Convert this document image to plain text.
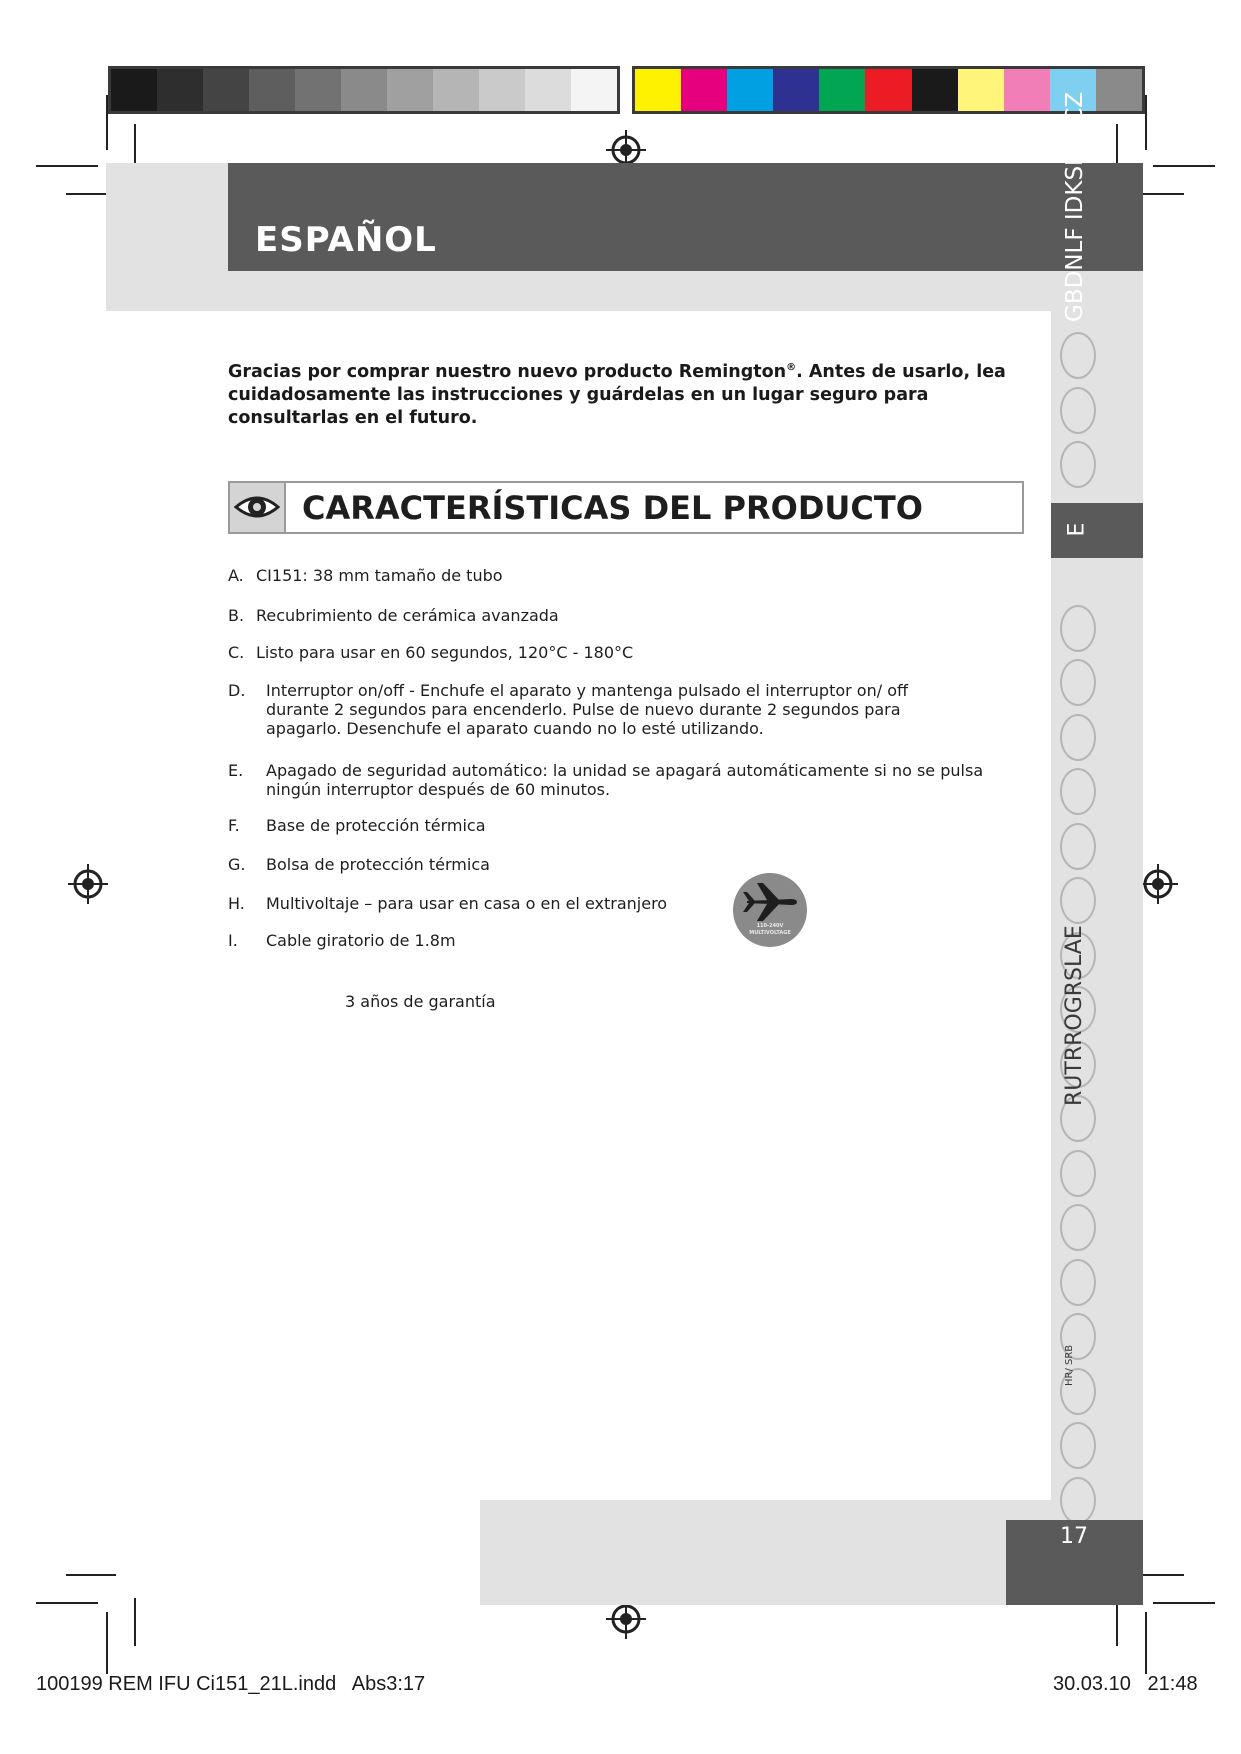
ESPAÑOL
E
GBDNLF IDKSPSKCZ
RUTRROGRSLAE
HR/ SRB
Gracias por comprar nuestro nuevo producto Remington®. Antes de usarlo, lea cuidadosamente las instrucciones y guárdelas en un lugar seguro para consultarlas en el futuro.
CARACTERÍSTICAS DEL PRODUCTO
A. CI151: 38 mm tamaño de tubo
B. Recubrimiento de cerámica avanzada
C. Listo para usar en 60 segundos, 120°C - 180°C
D. Interruptor on/off - Enchufe el aparato y mantenga pulsado el interruptor on/ off durante 2 segundos para encenderlo. Pulse de nuevo durante 2 segundos para apagarlo. Desenchufe el aparato cuando no lo esté utilizando.
E. Apagado de seguridad automático: la unidad se apagará automáticamente si no se pulsa ningún interruptor después de 60 minutos.
F. Base de protección térmica
G. Bolsa de protección térmica
H. Multivoltaje – para usar en casa o en el extranjero
I. Cable giratorio de 1.8m
110-240V
MULTIVOLTAGE
3 años de garantía
17
100199 REM IFU Ci151_21L.indd   Abs3:17	30.03.10   21:48
